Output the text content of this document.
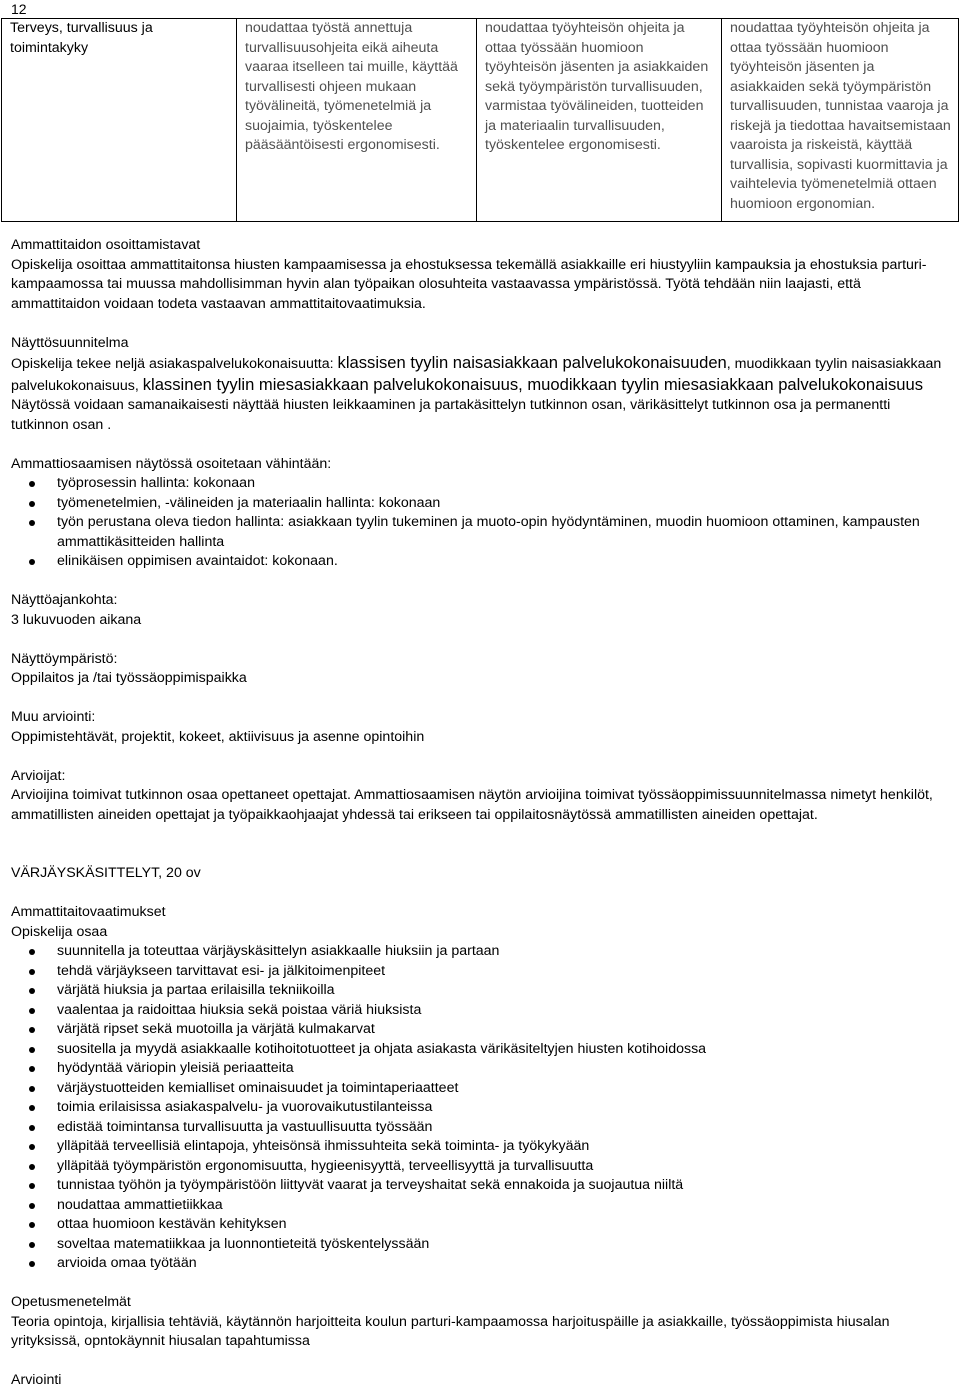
12
Terveys, turvallisuus ja toimintakyky	noudattaa työstä annettuja turvallisuusohjeita eikä aiheuta vaaraa itselleen tai muille, käyttää turvallisesti ohjeen mukaan työvälineitä, työmenetelmiä ja suojaimia, työskentelee pääsääntöisesti ergonomisesti.	noudattaa työyhteisön ohjeita ja ottaa työssään huomioon työyhteisön jäsenten ja asiakkaiden sekä työympäristön turvallisuuden, varmistaa työvälineiden, tuotteiden ja materiaalin turvallisuuden, työskentelee ergonomisesti.	noudattaa työyhteisön ohjeita ja ottaa työssään huomioon työyhteisön jäsenten ja asiakkaiden sekä työympäristön turvallisuuden, tunnistaa vaaroja ja riskejä ja tiedottaa havaitsemistaan vaaroista ja riskeistä, käyttää turvallisia, sopivasti kuormittavia ja vaihtelevia työmenetelmiä ottaen huomioon ergonomian.

Ammattitaidon osoittamistavat

Opiskelija osoittaa ammattitaitonsa hiusten kampaamisessa ja ehostuksessa tekemällä asiakkaille eri hiustyyliin kampauksia ja ehostuksia parturi-kampaamossa tai muussa mahdollisimman hyvin alan työpaikan olosuhteita vastaavassa ympäristössä. Työtä tehdään niin laajasti, että ammattitaidon voidaan todeta vastaavan ammattitaitovaatimuksia.

Näyttösuunnitelma

Opiskelija tekee neljä asiakaspalvelukokonaisuutta: klassisen tyylin naisasiakkaan palvelukokonaisuuden, muodikkaan tyylin naisasiakkaan palvelukokonaisuus, klassinen tyylin miesasiakkaan palvelukokonaisuus, muodikkaan tyylin miesasiakkaan palvelukokonaisuus

Näytössä voidaan samanaikaisesti näyttää hiusten leikkaaminen ja partakäsittelyn tutkinnon osan, värikäsittelyt tutkinnon osa ja permanentti tutkinnon osan .

Ammattiosaamisen näytössä osoitetaan vähintään:

työprosessin hallinta: kokonaan
työmenetelmien, -välineiden ja materiaalin hallinta: kokonaan
työn perustana oleva tiedon hallinta: asiakkaan tyylin tukeminen ja muoto-opin hyödyntäminen, muodin huomioon ottaminen, kampausten ammattikäsitteiden hallinta
elinikäisen oppimisen avaintaidot: kokonaan.

Näyttöajankohta:

3 lukuvuoden aikana

Näyttöympäristö:

Oppilaitos ja /tai työssäoppimispaikka

Muu arviointi:

Oppimistehtävät, projektit, kokeet, aktiivisuus ja asenne opintoihin

Arvioijat:

Arvioijina toimivat tutkinnon osaa opettaneet opettajat. Ammattiosaamisen näytön arvioijina toimivat työssäoppimissuunnitelmassa nimetyt henkilöt, ammatillisten aineiden opettajat ja työpaikkaohjaajat yhdessä tai erikseen tai oppilaitosnäytössä ammatillisten aineiden opettajat.

VÄRJÄYSKÄSITTELYT, 20 ov

Ammattitaitovaatimukset

Opiskelija osaa

suunnitella ja toteuttaa värjäyskäsittelyn asiakkaalle hiuksiin ja partaan
tehdä värjäykseen tarvittavat esi- ja jälkitoimenpiteet
värjätä hiuksia ja partaa erilaisilla tekniikoilla
vaalentaa ja raidoittaa hiuksia sekä poistaa väriä hiuksista
värjätä ripset sekä muotoilla ja värjätä kulmakarvat
suositella ja myydä asiakkaalle kotihoitotuotteet ja ohjata asiakasta värikäsiteltyjen hiusten kotihoidossa
hyödyntää väriopin yleisiä periaatteita
värjäystuotteiden kemialliset ominaisuudet ja toimintaperiaatteet
toimia erilaisissa asiakaspalvelu- ja vuorovaikutustilanteissa
edistää toimintansa turvallisuutta ja vastuullisuutta työssään
ylläpitää terveellisiä elintapoja, yhteisönsä ihmissuhteita sekä toiminta- ja työkykyään
ylläpitää työympäristön ergonomisuutta, hygieenisyyttä, terveellisyyttä ja turvallisuutta
tunnistaa työhön ja työympäristöön liittyvät vaarat ja terveyshaitat sekä ennakoida ja suojautua niiltä
noudattaa ammattietiikkaa
ottaa huomioon kestävän kehityksen
soveltaa matematiikkaa ja luonnontieteitä työskentelyssään
arvioida omaa työtään

Opetusmenetelmät

Teoria opintoja, kirjallisia tehtäviä, käytännön harjoitteita koulun parturi-kampaamossa harjoituspäille ja asiakkaille, työssäoppimista hiusalan yrityksissä, opntokäynnit hiusalan tapahtumissa

Arviointi
